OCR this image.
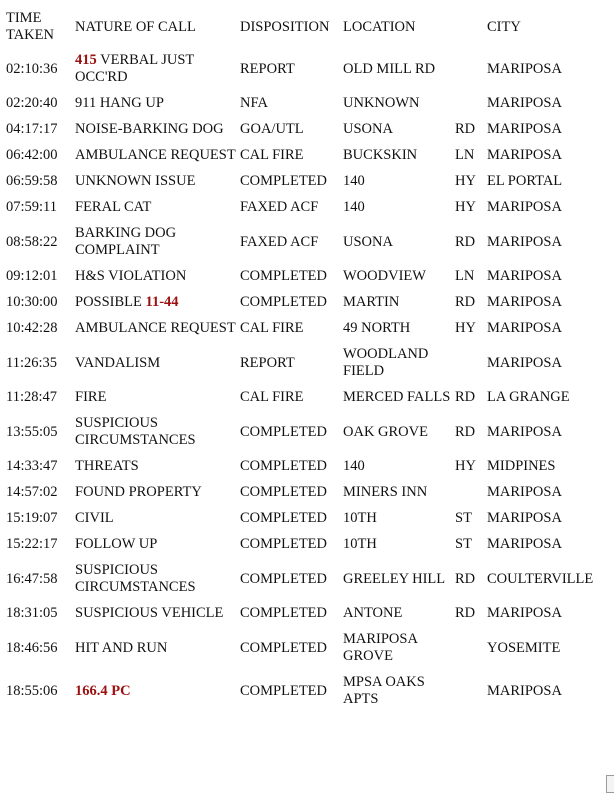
TIME TAKEN	NATURE OF CALL	DISPOSITION	LOCATION		CITY
02:10:36	415 VERBAL JUST OCC'RD	REPORT	OLD MILL RD		MARIPOSA
02:20:40	911 HANG UP	NFA	UNKNOWN		MARIPOSA
04:17:17	NOISE-BARKING DOG	GOA/UTL	USONA	RD	MARIPOSA
06:42:00	AMBULANCE REQUEST	CAL FIRE	BUCKSKIN	LN	MARIPOSA
06:59:58	UNKNOWN ISSUE	COMPLETED	140	HY	EL PORTAL
07:59:11	FERAL CAT	FAXED ACF	140	HY	MARIPOSA
08:58:22	BARKING DOG COMPLAINT	FAXED ACF	USONA	RD	MARIPOSA
09:12:01	H&S VIOLATION	COMPLETED	WOODVIEW	LN	MARIPOSA
10:30:00	POSSIBLE 11-44	COMPLETED	MARTIN	RD	MARIPOSA
10:42:28	AMBULANCE REQUEST	CAL FIRE	49 NORTH	HY	MARIPOSA
11:26:35	VANDALISM	REPORT	WOODLAND FIELD		MARIPOSA
11:28:47	FIRE	CAL FIRE	MERCED FALLS	RD	LA GRANGE
13:55:05	SUSPICIOUS CIRCUMSTANCES	COMPLETED	OAK GROVE	RD	MARIPOSA
14:33:47	THREATS	COMPLETED	140	HY	MIDPINES
14:57:02	FOUND PROPERTY	COMPLETED	MINERS INN		MARIPOSA
15:19:07	CIVIL	COMPLETED	10TH	ST	MARIPOSA
15:22:17	FOLLOW UP	COMPLETED	10TH	ST	MARIPOSA
16:47:58	SUSPICIOUS CIRCUMSTANCES	COMPLETED	GREELEY HILL	RD	COULTERVILLE
18:31:05	SUSPICIOUS VEHICLE	COMPLETED	ANTONE	RD	MARIPOSA
18:46:56	HIT AND RUN	COMPLETED	MARIPOSA GROVE		YOSEMITE
18:55:06	166.4 PC	COMPLETED	MPSA OAKS APTS		MARIPOSA
